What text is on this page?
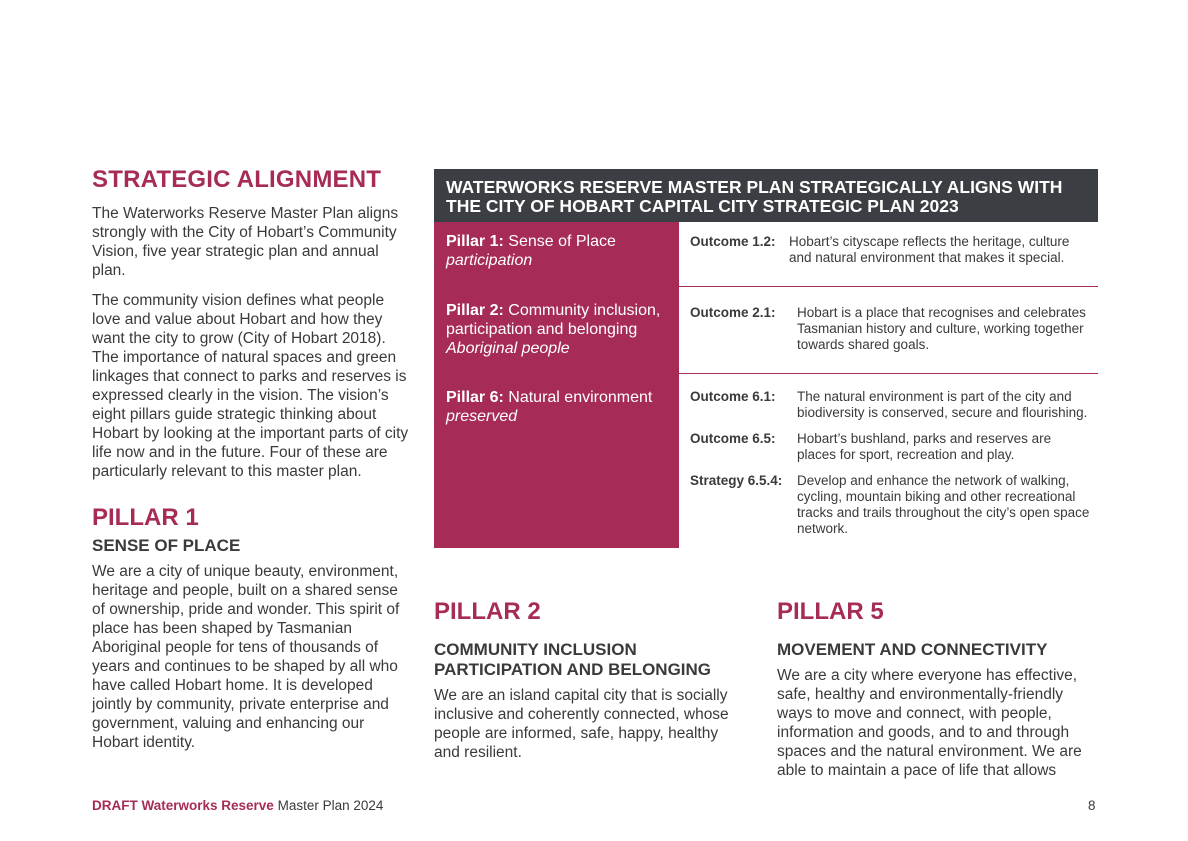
STRATEGIC ALIGNMENT

The Waterworks Reserve Master Plan aligns strongly with the City of Hobart’s Community Vision, five year strategic plan and annual plan.

The community vision defines what people love and value about Hobart and how they want the city to grow (City of Hobart 2018). The importance of natural spaces and green linkages that connect to parks and reserves is expressed clearly in the vision. The vision’s eight pillars guide strategic thinking about Hobart by looking at the important parts of city life now and in the future. Four of these are particularly relevant to this master plan.

PILLAR 1
SENSE OF PLACE

We are a city of unique beauty, environment, heritage and people, built on a shared sense of ownership, pride and wonder. This spirit of place has been shaped by Tasmanian Aboriginal people for tens of thousands of years and continues to be shaped by all who have called Hobart home. It is developed jointly by community, private enterprise and government, valuing and enhancing our Hobart identity.

WATERWORKS RESERVE MASTER PLAN STRATEGICALLY ALIGNS WITH THE CITY OF HOBART CAPITAL CITY STRATEGIC PLAN 2023
Pillar 1: Sense of Place
participation
Outcome 1.2: Hobart’s cityscape reflects the heritage, culture and natural environment that makes it special.
Pillar 2: Community inclusion, participation and belonging
Aboriginal people
Outcome 2.1:	Hobart is a place that recognises and celebrates Tasmanian history and culture, working together towards shared goals.
Pillar 6: Natural environment
preserved
Outcome 6.1:	The natural environment is part of the city and biodiversity is conserved, secure and flourishing.
Outcome 6.5:	Hobart’s bushland, parks and reserves are places for sport, recreation and play.
Strategy 6.5.4:	Develop and enhance the network of walking, cycling, mountain biking and other recreational tracks and trails throughout the city’s open space network.
PILLAR 2
COMMUNITY INCLUSION PARTICIPATION AND BELONGING

We are an island capital city that is socially inclusive and coherently connected, whose people are informed, safe, happy, healthy and resilient.

PILLAR 5
MOVEMENT AND CONNECTIVITY

We are a city where everyone has effective, safe, healthy and environmentally-friendly ways to move and connect, with people, information and goods, and to and through spaces and the natural environment. We are able to maintain a pace of life that allows

DRAFT Waterworks Reserve Master Plan 2024	8
